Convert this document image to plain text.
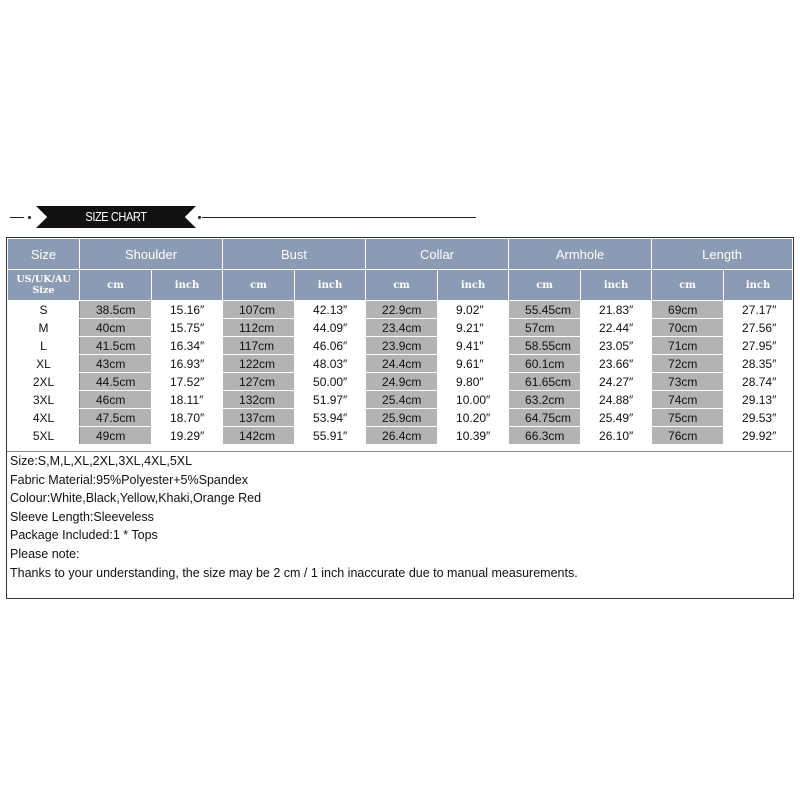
SIZE CHART
Size	Shoulder		Bust		Collar		Armhole		Length	
US/UK/AU Size	cm	inch	cm	inch	cm	inch	cm	inch	cm	inch
S	38.5cm	15.16″	107cm	42.13″	22.9cm	9.02″	55.45cm	21.83″	69cm	27.17″
M	40cm	15.75″	112cm	44.09″	23.4cm	9.21″	57cm	22.44″	70cm	27.56″
L	41.5cm	16.34″	117cm	46.06″	23.9cm	9.41″	58.55cm	23.05″	71cm	27.95″
XL	43cm	16.93″	122cm	48.03″	24.4cm	9.61″	60.1cm	23.66″	72cm	28.35″
2XL	44.5cm	17.52″	127cm	50.00″	24.9cm	9.80″	61.65cm	24.27″	73cm	28.74″
3XL	46cm	18.11″	132cm	51.97″	25.4cm	10.00″	63.2cm	24.88″	74cm	29.13″
4XL	47.5cm	18.70″	137cm	53.94″	25.9cm	10.20″	64.75cm	25.49″	75cm	29.53″
5XL	49cm	19.29″	142cm	55.91″	26.4cm	10.39″	66.3cm	26.10″	76cm	29.92″

Size:S,M,L,XL,2XL,3XL,4XL,5XL

Fabric Material:95%Polyester+5%Spandex

Colour:White,Black,Yellow,Khaki,Orange Red

Sleeve Length:Sleeveless

Package Included:1 * Tops

Please note:

Thanks to your understanding, the size may be 2 cm / 1 inch inaccurate due to manual measurements.
